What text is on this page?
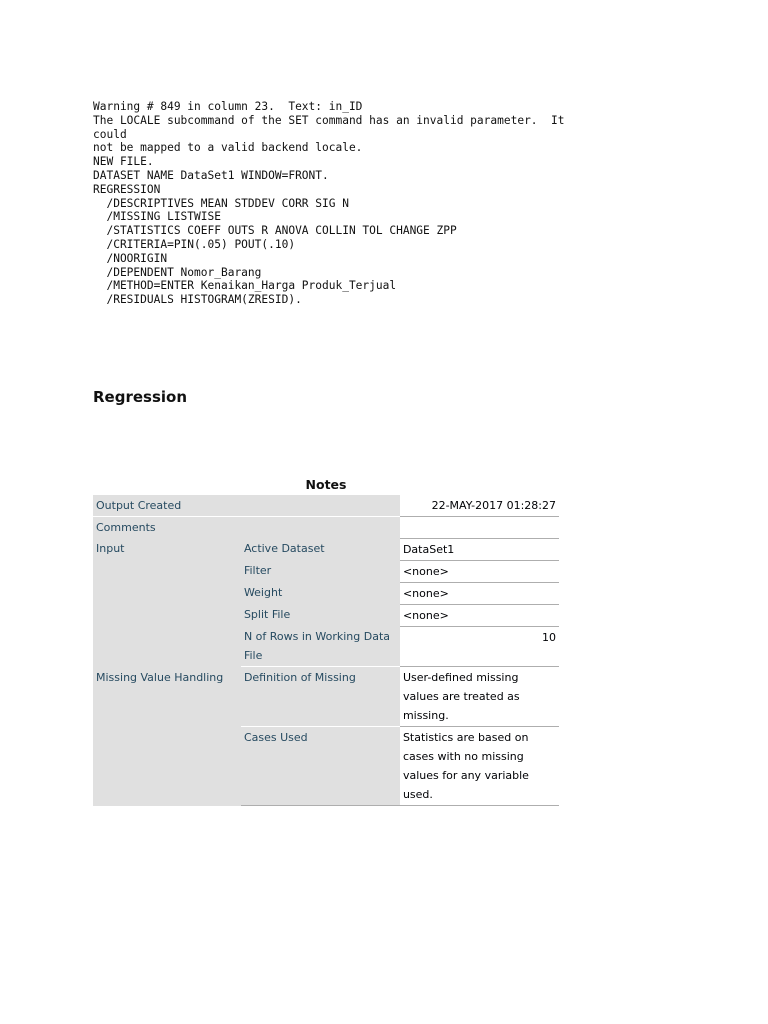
Warning # 849 in column 23.  Text: in_ID
The LOCALE subcommand of the SET command has an invalid parameter.  It
could
not be mapped to a valid backend locale.
NEW FILE.
DATASET NAME DataSet1 WINDOW=FRONT.
REGRESSION
/DESCRIPTIVES MEAN STDDEV CORR SIG N
/MISSING LISTWISE
/STATISTICS COEFF OUTS R ANOVA COLLIN TOL CHANGE ZPP
/CRITERIA=PIN(.05) POUT(.10)
/NOORIGIN
/DEPENDENT Nomor_Barang
/METHOD=ENTER Kenaikan_Harga Produk_Terjual
/RESIDUALS HISTOGRAM(ZRESID).
Regression
Notes
Output Created		22-MAY-2017 01:28:27
Comments		
Input	Active Dataset	DataSet1
	Filter	<none>
	Weight	<none>
	Split File	<none>
	N of Rows in Working Data File	10
Missing Value Handling	Definition of Missing	User-defined missing values are treated as missing.
	Cases Used	Statistics are based on cases with no missing values for any variable used.
